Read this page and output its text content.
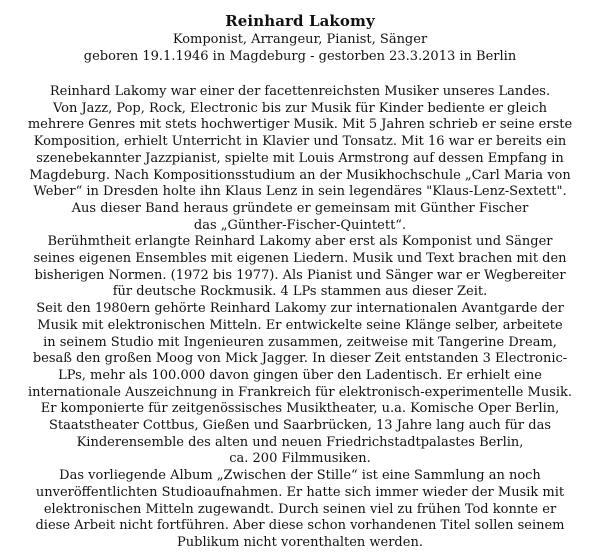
Reinhard Lakomy

Komponist, Arrangeur, Pianist, Sänger

geboren 19.1.1946 in Magdeburg - gestorben 23.3.2013 in Berlin

Reinhard Lakomy war einer der facettenreichsten Musiker unseres Landes.
Von Jazz, Pop, Rock, Electronic bis zur Musik für Kinder bediente er gleich
mehrere Genres mit stets hochwertiger Musik. Mit 5 Jahren schrieb er seine erste
Komposition, erhielt Unterricht in Klavier und Tonsatz. Mit 16 war er bereits ein
szenebekannter Jazzpianist, spielte mit Louis Armstrong auf dessen Empfang in
Magdeburg. Nach Kompositionsstudium an der Musikhochschule „Carl Maria von
Weber“ in Dresden holte ihn Klaus Lenz in sein legendäres "Klaus-Lenz-Sextett".
Aus dieser Band heraus gründete er gemeinsam mit Günther Fischer
das „Günther-Fischer-Quintett“.
Berühmtheit erlangte Reinhard Lakomy aber erst als Komponist und Sänger
seines eigenen Ensembles mit eigenen Liedern. Musik und Text brachen mit den
bisherigen Normen. (1972 bis 1977). Als Pianist und Sänger war er Wegbereiter
für deutsche Rockmusik. 4 LPs stammen aus dieser Zeit.
Seit den 1980ern gehörte Reinhard Lakomy zur internationalen Avantgarde der
Musik mit elektronischen Mitteln. Er entwickelte seine Klänge selber, arbeitete
in seinem Studio mit Ingenieuren zusammen, zeitweise mit Tangerine Dream,
besaß den großen Moog von Mick Jagger. In dieser Zeit entstanden 3 Electronic-
LPs, mehr als 100.000 davon gingen über den Ladentisch. Er erhielt eine
internationale Auszeichnung in Frankreich für elektronisch-experimentelle Musik.
Er komponierte für zeitgenössisches Musiktheater, u.a. Komische Oper Berlin,
Staatstheater Cottbus, Gießen und Saarbrücken, 13 Jahre lang auch für das
Kinderensemble des alten und neuen Friedrichstadtpalastes Berlin,
ca. 200 Filmmusiken.
Das vorliegende Album „Zwischen der Stille“ ist eine Sammlung an noch
unveröffentlichten Studioaufnahmen. Er hatte sich immer wieder der Musik mit
elektronischen Mitteln zugewandt. Durch seinen viel zu frühen Tod konnte er
diese Arbeit nicht fortführen. Aber diese schon vorhandenen Titel sollen seinem
Publikum nicht vorenthalten werden.
